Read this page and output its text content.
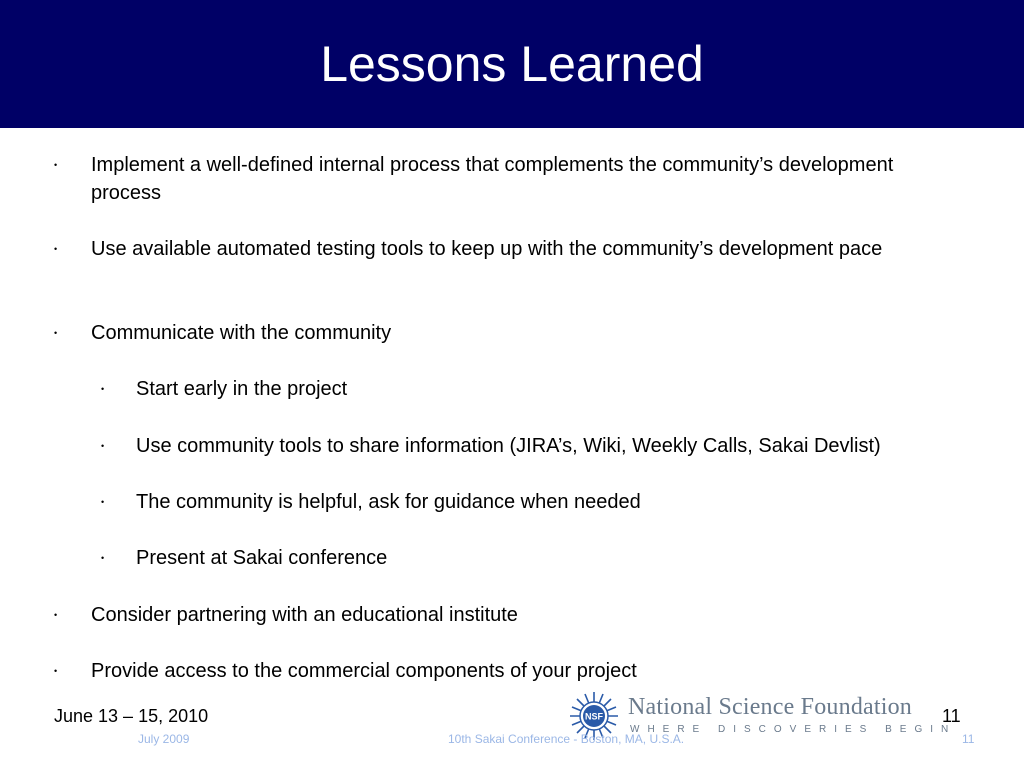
Lessons Learned
• Implement a well-defined internal process that complements the community’s development process
• Use available automated testing tools to keep up with the community’s development pace
• Communicate with the community
• Start early in the project
• Use community tools to share information (JIRA’s, Wiki, Weekly Calls, Sakai Devlist)
• The community is helpful, ask for guidance when needed
• Present at Sakai conference
• Consider partnering with an educational institute
• Provide access to the commercial components of your project
NSF National Science Foundation
WHERE DISCOVERIES BEGIN
June 13 – 15, 2010	11
July 2009	10th Sakai Conference - Boston, MA, U.S.A.	11
